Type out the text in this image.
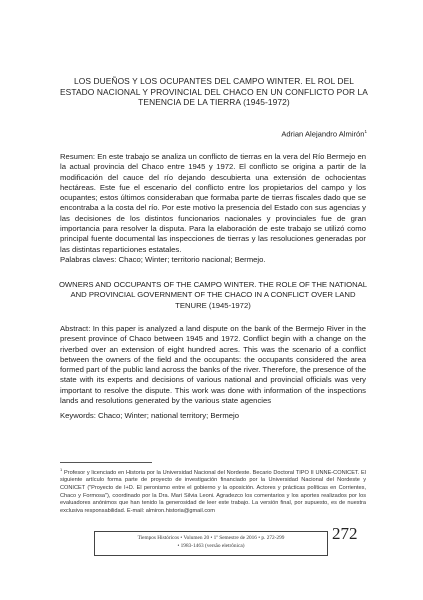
LOS DUEÑOS Y LOS OCUPANTES DEL CAMPO WINTER. EL ROL DEL ESTADO NACIONAL Y PROVINCIAL DEL CHACO EN UN CONFLICTO POR LA TENENCIA DE LA TIERRA (1945-1972)
Adrian Alejandro Almirón$^1$
Resumen: En este trabajo se analiza un conflicto de tierras en la vera del Río Bermejo en la actual provincia del Chaco entre 1945 y 1972. El conflicto se origina a partir de la modificación del cauce del río dejando descubierta una extensión de ochocientas hectáreas. Este fue el escenario del conflicto entre los propietarios del campo y los ocupantes; estos últimos consideraban que formaba parte de tierras fiscales dado que se encontraba a la costa del río. Por este motivo la presencia del Estado con sus agencias y las decisiones de los distintos funcionarios nacionales y provinciales fue de gran importancia para resolver la disputa. Para la elaboración de este trabajo se utilizó como principal fuente documental las inspecciones de tierras y las resoluciones generadas por las distintas reparticiones estatales.
Palabras claves: Chaco; Winter; territorio nacional; Bermejo.
OWNERS AND OCCUPANTS OF THE CAMPO WINTER. THE ROLE OF THE NATIONAL AND PROVINCIAL GOVERNMENT OF THE CHACO IN A CONFLICT OVER LAND TENURE (1945-1972)
Abstract: In this paper is analyzed a land dispute on the bank of the Bermejo River in the present province of Chaco between 1945 and 1972. Conflict begin with a change on the riverbed over an extension of eight hundred acres. This was the scenario of a conflict between the owners of the field and the occupants: the occupants considered the area formed part of the public land across the banks of the river. Therefore, the presence of the state with its experts and decisions of various national and provincial officials was very important to resolve the dispute. This work was done with information of the inspections lands and resolutions generated by the various state agencies
Keywords: Chaco; Winter; national territory; Bermejo
$^1$ Profesor y licenciado en Historia por la Universidad Nacional del Nordeste. Becario Doctoral TIPO II UNNE-CONICET. El siguiente artículo forma parte de proyecto de investigación financiado por la Universidad Nacional del Nordeste y CONICET ("Proyecto de I+D. El peronismo entre el gobierno y la oposición. Actores y prácticas políticas en Corrientes, Chaco y Formosa"), coordinado por la Dra. Mari Silvia Leoni. Agradezco los comentarios y los aportes realizados por los evaluadores anónimos que han tenido la generosidad de leer este trabajo. La versión final, por supuesto, es de nuestra exclusiva responsabilidad. E-mail: almiron.historia@gmail.com
Tiempos Históricos • Volumen 20 • 1º Semestre de 2016 • p. 272-299
• 1983-1463 (versão eletrônica)
272
